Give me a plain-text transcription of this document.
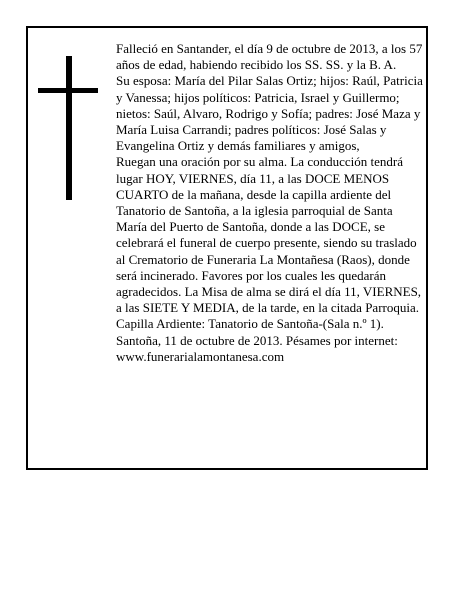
Falleció en Santander, el día 9 de octubre de 2013, a los 57 años de edad, habiendo recibido los SS. SS. y la B. A.

Su esposa: María del Pilar Salas Ortiz; hijos: Raúl, Patricia y Vanessa; hijos políticos: Patricia, Israel y Guillermo; nietos: Saúl, Alvaro, Rodrigo y Sofía; padres: José Maza y María Luisa Carrandi; padres políticos: José Salas y Evangelina Ortiz y demás familiares y amigos,

Ruegan una oración por su alma. La conducción tendrá lugar HOY, VIERNES, día 11, a las DOCE MENOS CUARTO de la mañana, desde la capilla ardiente del Tanatorio de Santoña, a la iglesia parroquial de Santa María del Puerto de Santoña, donde a las DOCE, se celebrará el funeral de cuerpo presente, siendo su traslado al Crematorio de Funeraria La Montañesa (Raos), donde será incinerado. Favores por los cuales les quedarán agradecidos. La Misa de alma se dirá el día 11, VIERNES, a las SIETE Y MEDIA, de la tarde, en la citada Parroquia. Capilla Ardiente: Tanatorio de Santoña-(Sala n.º 1).

Santoña, 11 de octubre de 2013. Pésames por internet: www.funerarialamontanesa.com
